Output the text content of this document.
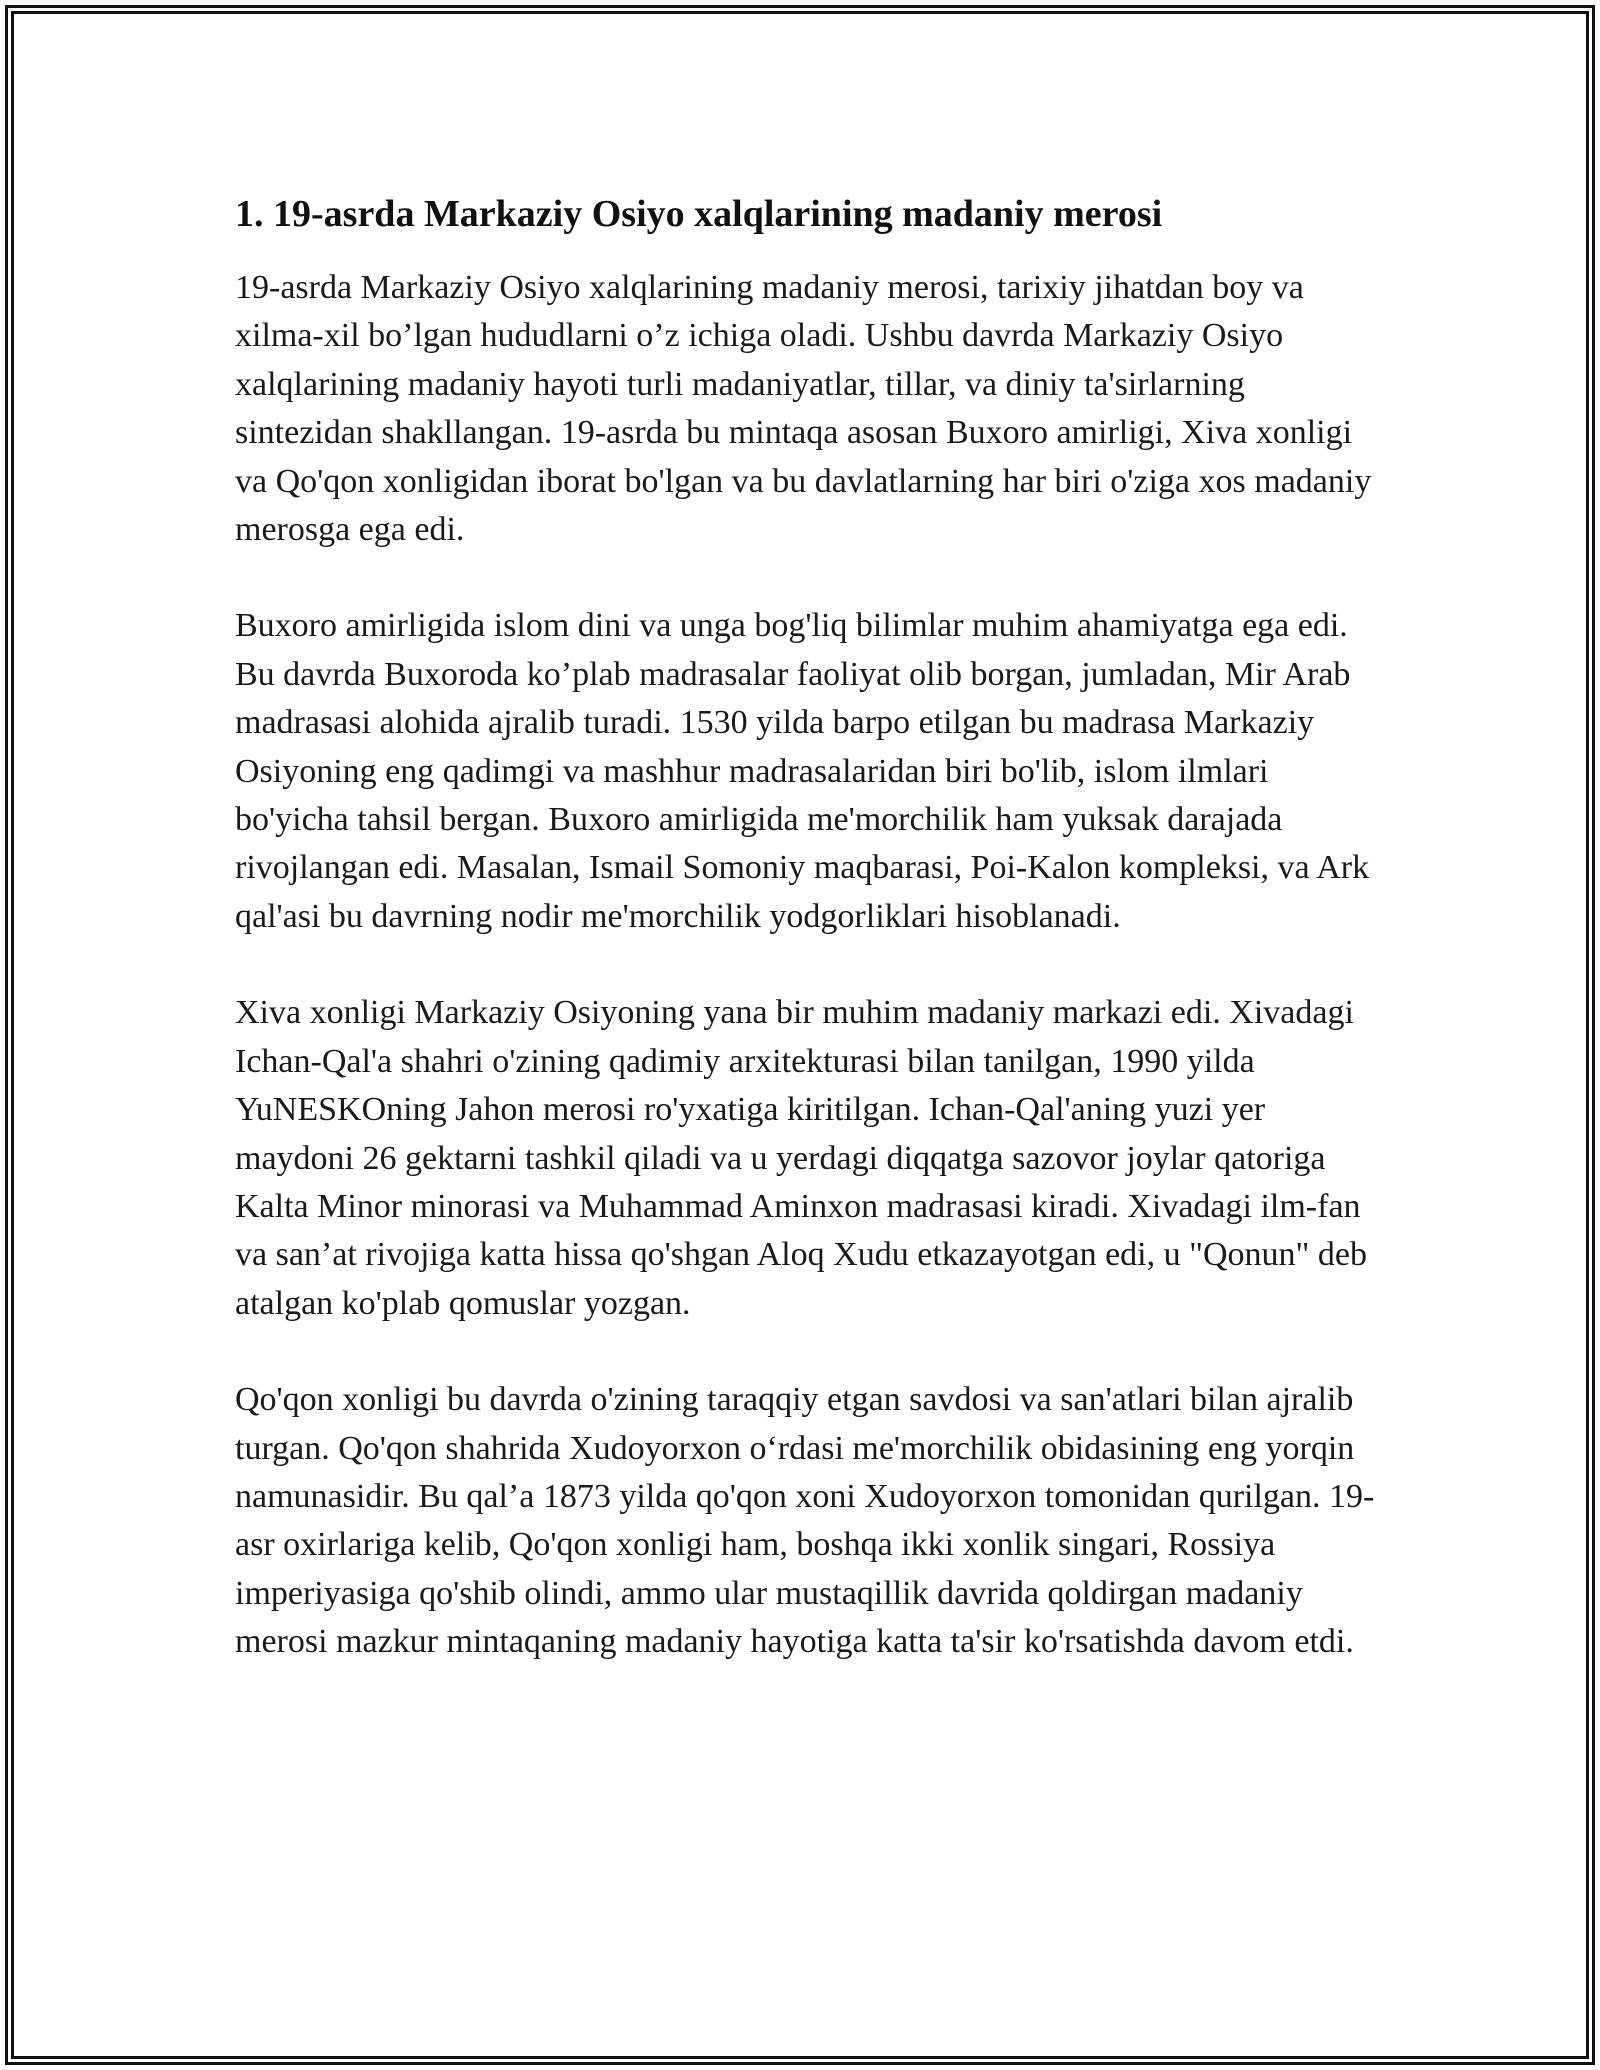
1. 19-asrda Markaziy Osiyo xalqlarining madaniy merosi

19-asrda Markaziy Osiyo xalqlarining madaniy merosi, tarixiy jihatdan boy va xilma-xil bo’lgan hududlarni o’z ichiga oladi. Ushbu davrda Markaziy Osiyo xalqlarining madaniy hayoti turli madaniyatlar, tillar, va diniy ta'sirlarning sintezidan shakllangan. 19-asrda bu mintaqa asosan Buxoro amirligi, Xiva xonligi va Qo'qon xonligidan iborat bo'lgan va bu davlatlarning har biri o'ziga xos madaniy merosga ega edi.

Buxoro amirligida islom dini va unga bog'liq bilimlar muhim ahamiyatga ega edi. Bu davrda Buxoroda ko’plab madrasalar faoliyat olib borgan, jumladan, Mir Arab madrasasi alohida ajralib turadi. 1530 yilda barpo etilgan bu madrasa Markaziy Osiyoning eng qadimgi va mashhur madrasalaridan biri bo'lib, islom ilmlari bo'yicha tahsil bergan. Buxoro amirligida me'morchilik ham yuksak darajada rivojlangan edi. Masalan, Ismail Somoniy maqbarasi, Poi-Kalon kompleksi, va Ark qal'asi bu davrning nodir me'morchilik yodgorliklari hisoblanadi.

Xiva xonligi Markaziy Osiyoning yana bir muhim madaniy markazi edi. Xivadagi Ichan-Qal'a shahri o'zining qadimiy arxitekturasi bilan tanilgan, 1990 yilda YuNESKOning Jahon merosi ro'yxatiga kiritilgan. Ichan-Qal'aning yuzi yer maydoni 26 gektarni tashkil qiladi va u yerdagi diqqatga sazovor joylar qatoriga Kalta Minor minorasi va Muhammad Aminxon madrasasi kiradi. Xivadagi ilm-fan va san’at rivojiga katta hissa qo'shgan Aloq Xudu etkazayotgan edi, u "Qonun" deb atalgan ko'plab qomuslar yozgan.

Qo'qon xonligi bu davrda o'zining taraqqiy etgan savdosi va san'atlari bilan ajralib turgan. Qo'qon shahrida Xudoyorxon o‘rdasi me'morchilik obidasining eng yorqin namunasidir. Bu qal’a 1873 yilda qo'qon xoni Xudoyorxon tomonidan qurilgan. 19-asr oxirlariga kelib, Qo'qon xonligi ham, boshqa ikki xonlik singari, Rossiya imperiyasiga qo'shib olindi, ammo ular mustaqillik davrida qoldirgan madaniy merosi mazkur mintaqaning madaniy hayotiga katta ta'sir ko'rsatishda davom etdi.
